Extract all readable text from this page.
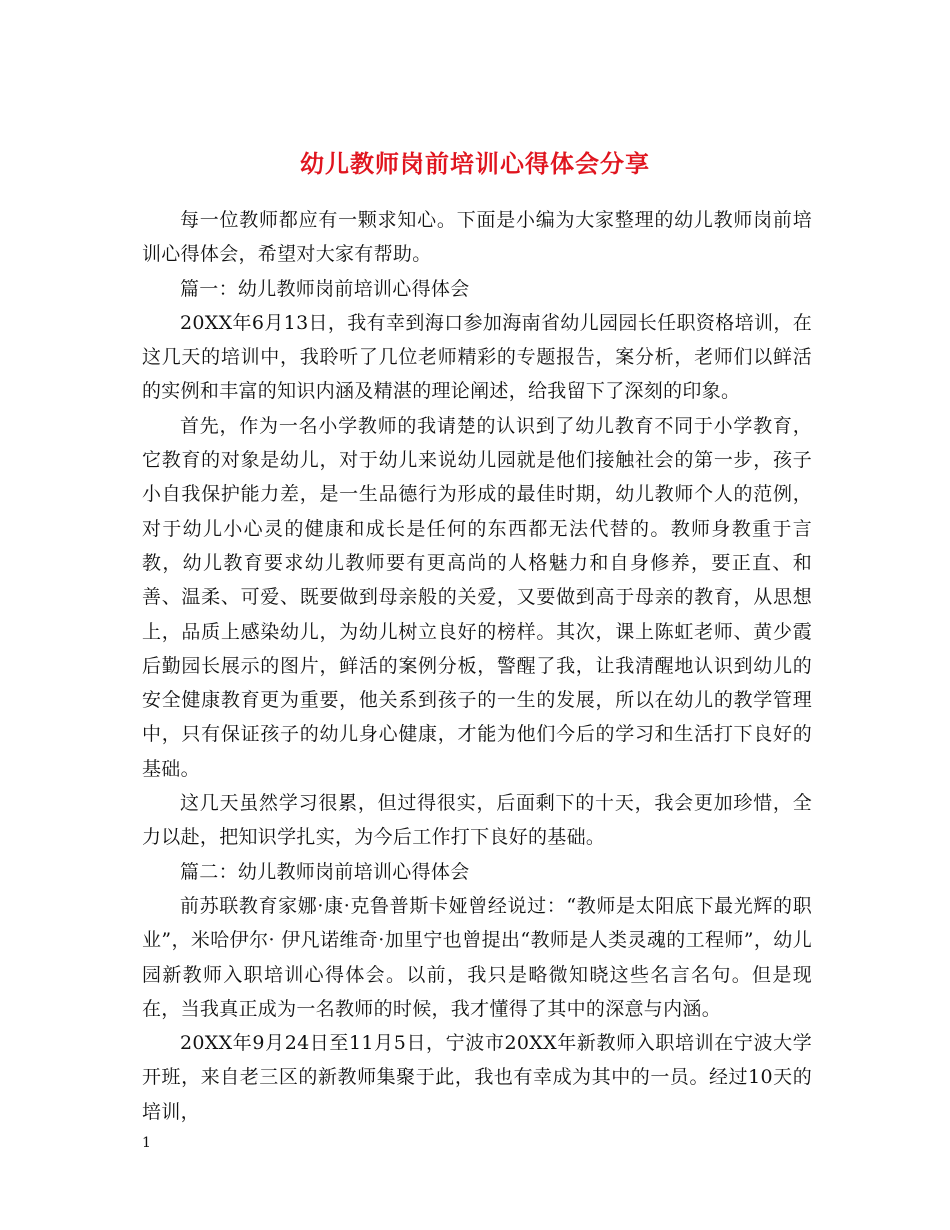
幼儿教师岗前培训心得体会分享

每一位教师都应有一颗求知心。下面是小编为大家整理的幼儿教师岗前培训心得体会，希望对大家有帮助。

篇一：幼儿教师岗前培训心得体会

20XX年6月13日，我有幸到海口参加海南省幼儿园园长任职资格培训，在这几天的培训中，我聆听了几位老师精彩的专题报告，案分析，老师们以鲜活的实例和丰富的知识内涵及精湛的理论阐述，给我留下了深刻的印象。

首先，作为一名小学教师的我请楚的认识到了幼儿教育不同于小学教育，它教育的对象是幼儿，对于幼儿来说幼儿园就是他们接触社会的第一步，孩子小自我保护能力差，是一生品德行为形成的最佳时期，幼儿教师个人的范例，对于幼儿小心灵的健康和成长是任何的东西都无法代替的。教师身教重于言教，幼儿教育要求幼儿教师要有更高尚的人格魅力和自身修养，要正直、和善、温柔、可爱、既要做到母亲般的关爱，又要做到高于母亲的教育，从思想上，品质上感染幼儿，为幼儿树立良好的榜样。其次，课上陈虹老师、黄少霞后勤园长展示的图片，鲜活的案例分板，警醒了我，让我清醒地认识到幼儿的安全健康教育更为重要，他关系到孩子的一生的发展，所以在幼儿的教学管理中，只有保证孩子的幼儿身心健康，才能为他们今后的学习和生活打下良好的基础。

这几天虽然学习很累，但过得很实，后面剩下的十天，我会更加珍惜，全力以赴，把知识学扎实，为今后工作打下良好的基础。

篇二：幼儿教师岗前培训心得体会

前苏联教育家娜·康·克鲁普斯卡娅曾经说过：“教师是太阳底下最光辉的职业”，米哈伊尔· 伊凡诺维奇·加里宁也曾提出“教师是人类灵魂的工程师”，幼儿园新教师入职培训心得体会。以前，我只是略微知晓这些名言名句。但是现在，当我真正成为一名教师的时候，我才懂得了其中的深意与内涵。

20XX年9月24日至11月5日，宁波市20XX年新教师入职培训在宁波大学开班，来自老三区的新教师集聚于此，我也有幸成为其中的一员。经过10天的培训，

1
